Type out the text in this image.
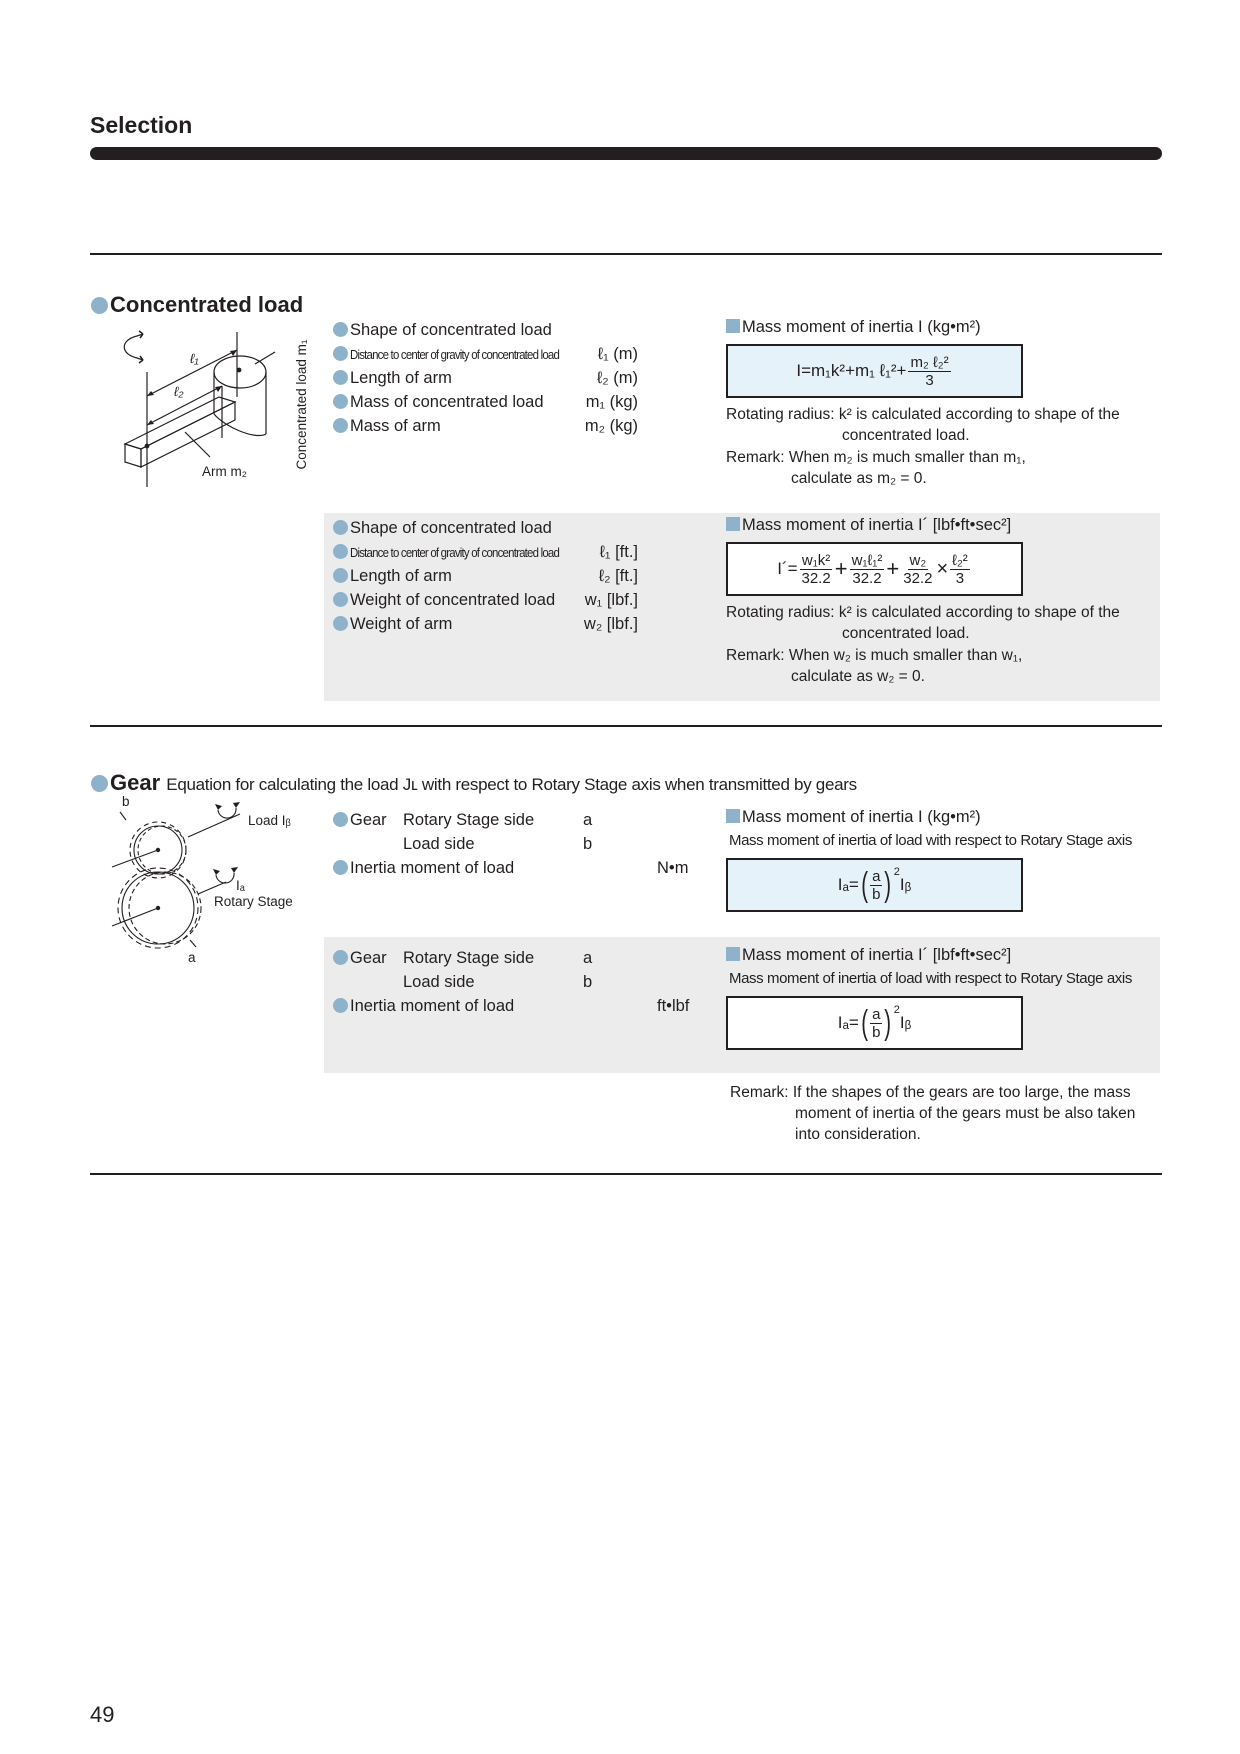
Selection
Concentrated load
ℓ₁
ℓ₂
Arm m₂
Concentrated load m₁
Shape of concentrated load
Distance to center of gravity of concentrated load ℓ₁ (m)
Length of arm	ℓ₂ (m)
Mass of concentrated load	m₁ (kg)
Mass of arm	m₂ (kg)
Mass moment of inertia I (kg•m²)
I=m₁k²+m₁ ℓ₁²+ $\frac{\text{m₂ ℓ₂²}}{3}$
Rotating radius: k² is calculated according to shape of the
concentrated load.
Remark: When m₂ is much smaller than m₁,
calculate as m₂ = 0.
Shape of concentrated load
Distance to center of gravity of concentrated load ℓ₁ [ft.]
Length of arm	ℓ₂ [ft.]
Weight of concentrated load w₁ [lbf.]
Weight of arm	w₂ [lbf.]
Mass moment of inertia I´ [lbf•ft•sec²]
I´= $\frac{\text{w₁k²}}{32.2} + \frac{\text{w₁ℓ₁²}}{32.2} + \frac{\text{w₂}}{32.2} \times \frac{\text{ℓ₂²}}{3}$
Rotating radius: k² is calculated according to shape of the
concentrated load.
Remark: When w₂ is much smaller than w₁,
calculate as w₂ = 0.
Gear Equation for calculating the load Jʟ with respect to Rotary Stage axis when transmitted by gears
b
Load Iᵦ
Iₐ
Rotary Stage
a
Gear Rotary Stage side	a
Load side	b
Inertia moment of load	N•m
Mass moment of inertia I (kg•m²)
Mass moment of inertia of load with respect to Rotary Stage axis
Iₐ= ( $\frac{a}{b} )^2$
Iᵦ
Gear Rotary Stage side	a
Load side	b
Inertia moment of load	ft•lbf
Mass moment of inertia I´ [lbf•ft•sec²]
Mass moment of inertia of load with respect to Rotary Stage axis
Iₐ= ( $\frac{a}{b} )^2$
Iᵦ
Remark: If the shapes of the gears are too large, the mass
moment of inertia of the gears must be also taken
into consideration.
49
